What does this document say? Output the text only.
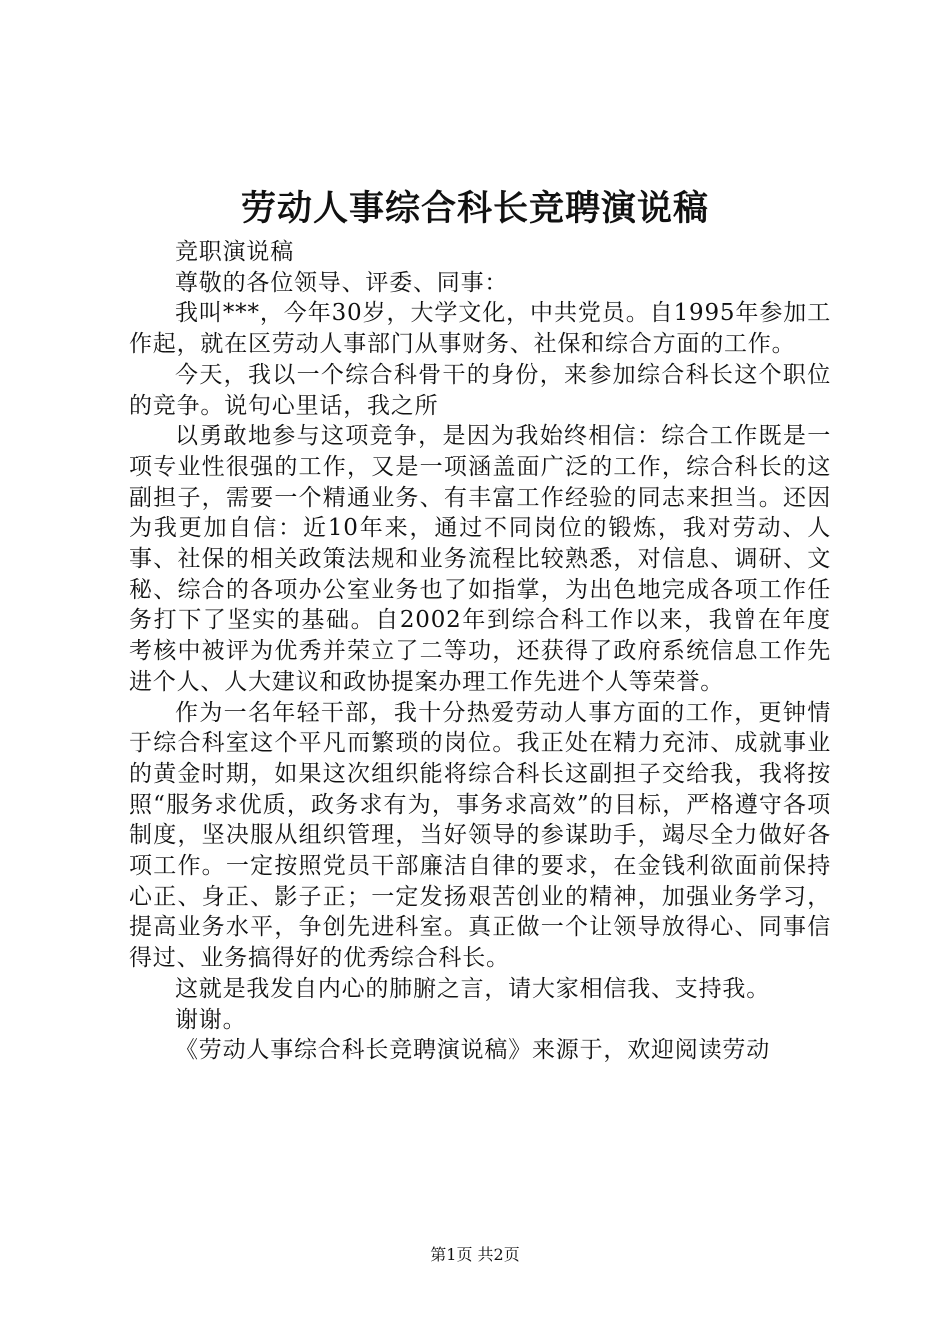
劳动人事综合科长竞聘演说稿

竞职演说稿

尊敬的各位领导、评委、同事：

我叫***，今年30岁，大学文化，中共党员。自1995年参加工作起，就在区劳动人事部门从事财务、社保和综合方面的工作。

今天，我以一个综合科骨干的身份，来参加综合科长这个职位的竞争。说句心里话，我之所

以勇敢地参与这项竞争，是因为我始终相信：综合工作既是一项专业性很强的工作，又是一项涵盖面广泛的工作，综合科长的这副担子，需要一个精通业务、有丰富工作经验的同志来担当。还因为我更加自信：近10年来，通过不同岗位的锻炼，我对劳动、人事、社保的相关政策法规和业务流程比较熟悉，对信息、调研、文秘、综合的各项办公室业务也了如指掌，为出色地完成各项工作任务打下了坚实的基础。自2002年到综合科工作以来，我曾在年度考核中被评为优秀并荣立了二等功，还获得了政府系统信息工作先进个人、人大建议和政协提案办理工作先进个人等荣誉。

作为一名年轻干部，我十分热爱劳动人事方面的工作，更钟情于综合科室这个平凡而繁琐的岗位。我正处在精力充沛、成就事业的黄金时期，如果这次组织能将综合科长这副担子交给我，我将按照“服务求优质，政务求有为，事务求高效”的目标，严格遵守各项制度，坚决服从组织管理，当好领导的参谋助手，竭尽全力做好各项工作。一定按照党员干部廉洁自律的要求，在金钱利欲面前保持心正、身正、影子正；一定发扬艰苦创业的精神，加强业务学习，提高业务水平，争创先进科室。真正做一个让领导放得心、同事信得过、业务搞得好的优秀综合科长。

这就是我发自内心的肺腑之言，请大家相信我、支持我。

谢谢。

《劳动人事综合科长竞聘演说稿》来源于，欢迎阅读劳动

第1页 共2页
